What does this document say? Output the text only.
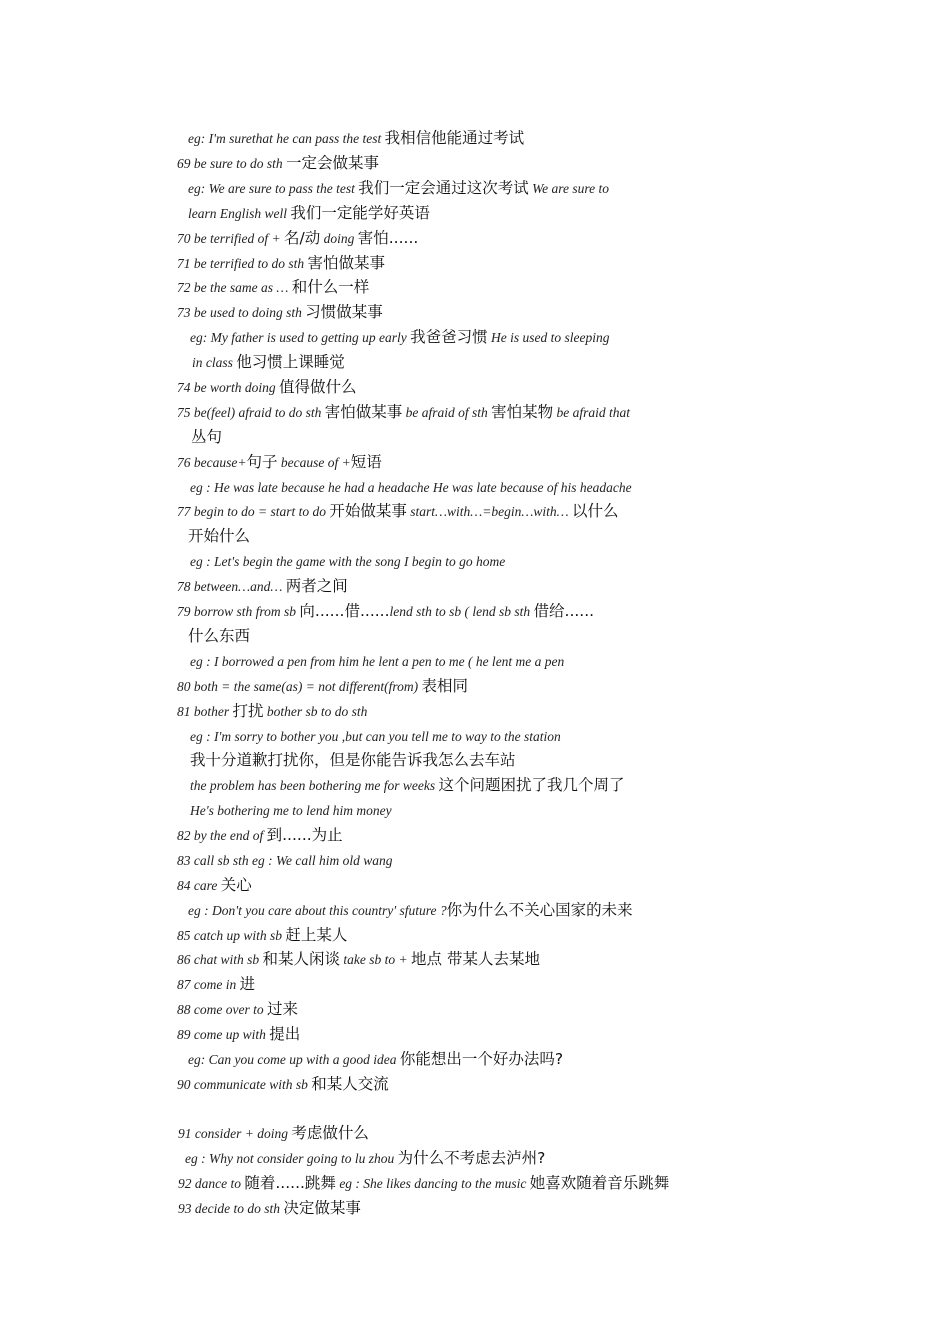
eg: I'm surethat he can pass the test 我相信他能通过考试
69 be sure to do sth 一定会做某事
eg: We are sure to pass the test 我们一定会通过这次考试 We are sure to
learn English well 我们一定能学好英语
70 be terrified of + 名/动 doing 害怕......
71 be terrified to do sth 害怕做某事
72 be the same as … 和什么一样
73 be used to doing sth 习惯做某事
eg: My father is used to getting up early 我爸爸习惯 He is used to sleeping
in class 他习惯上课睡觉
74 be worth doing 值得做什么
75 be(feel) afraid to do sth 害怕做某事 be afraid of sth 害怕某物 be afraid that
丛句
76 because+句子 because of +短语
eg : He was late because he had a headache He was late because of his headache
77 begin to do = start to do 开始做某事 start…with…=begin…with… 以什么
开始什么
eg : Let's begin the game with the song I begin to go home
78 between…and… 两者之间
79 borrow sth from sb 向......借......lend sth to sb ( lend sb sth 借给......
什么东西
eg : I borrowed a pen from him he lent a pen to me ( he lent me a pen
80 both = the same(as) = not different(from) 表相同
81 bother 打扰 bother sb to do sth
eg : I'm sorry to bother you ,but can you tell me to way to the station
我十分道歉打扰你，但是你能告诉我怎么去车站
the problem has been bothering me for weeks 这个问题困扰了我几个周了
He's bothering me to lend him money
82 by the end of 到......为止
83 call sb sth eg : We call him old wang
84 care 关心
eg : Don't you care about this country' sfuture ?你为什么不关心国家的未来
85 catch up with sb 赶上某人
86 chat with sb 和某人闲谈 take sb to + 地点 带某人去某地
87 come in 进
88 come over to 过来
89 come up with 提出
eg: Can you come up with a good idea 你能想出一个好办法吗?
90 communicate with sb 和某人交流
91 consider + doing 考虑做什么
eg : Why not consider going to lu zhou 为什么不考虑去泸州?
92 dance to 随着......跳舞 eg : She likes dancing to the music 她喜欢随着音乐跳舞
93 decide to do sth 决定做某事
